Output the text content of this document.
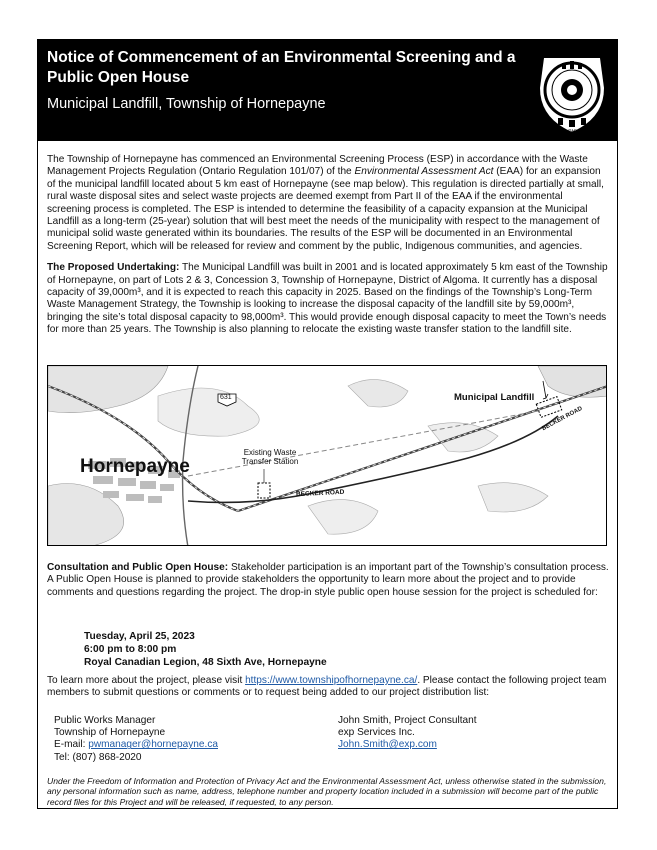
Notice of Commencement of an Environmental Screening and a Public Open House
Municipal Landfill, Township of Hornepayne
ONTARIO

The Township of Hornepayne has commenced an Environmental Screening Process (ESP) in accordance with the Waste Management Projects Regulation (Ontario Regulation 101/07) of the Environmental Assessment Act (EAA) for an expansion of the municipal landfill located about 5 km east of Hornepayne (see map below). This regulation is directed partially at small, rural waste disposal sites and select waste projects are deemed exempt from Part II of the EAA if the environmental screening process is completed. The ESP is intended to determine the feasibility of a capacity expansion at the Municipal Landfill as a long-term (25-year) solution that will best meet the needs of the municipality with respect to the management of municipal solid waste generated within its boundaries. The results of the ESP will be documented in an Environmental Screening Report, which will be released for review and comment by the public, Indigenous communities, and agencies.

The Proposed Undertaking: The Municipal Landfill was built in 2001 and is located approximately 5 km east of the Township of Hornepayne, on part of Lots 2 & 3, Concession 3, Township of Hornepayne, District of Algoma. It currently has a disposal capacity of 39,000m³, and it is expected to reach this capacity in 2025. Based on the findings of the Township’s Long-Term Waste Management Strategy, the Township is looking to increase the disposal capacity of the landfill site by 59,000m³, bringing the site’s total disposal capacity to 98,000m³. This would provide enough disposal capacity to meet the Town’s needs for more than 25 years. The Township is also planning to relocate the existing waste transfer station to the landfill site.

631
Hornepayne
Existing Waste Transfer Station
BECKER ROAD
BECKER ROAD
Municipal Landfill

Consultation and Public Open House: Stakeholder participation is an important part of the Township’s consultation process. A Public Open House is planned to provide stakeholders the opportunity to learn more about the project and to provide comments and questions regarding the project. The drop-in style public open house session for the project is scheduled for:

Tuesday, April 25, 2023
6:00 pm to 8:00 pm
Royal Canadian Legion, 48 Sixth Ave, Hornepayne

To learn more about the project, please visit https://www.townshipofhornepayne.ca/. Please contact the following project team members to submit questions or comments or to request being added to our project distribution list:

Public Works Manager
Township of Hornepayne
E-mail: pwmanager@hornepayne.ca
Tel: (807) 868-2020
John Smith, Project Consultant
exp Services Inc.
John.Smith@exp.com
Under the Freedom of Information and Protection of Privacy Act and the Environmental Assessment Act, unless otherwise stated in the submission, any personal information such as name, address, telephone number and property location included in a submission will become part of the public record files for this Project and will be released, if requested, to any person.
